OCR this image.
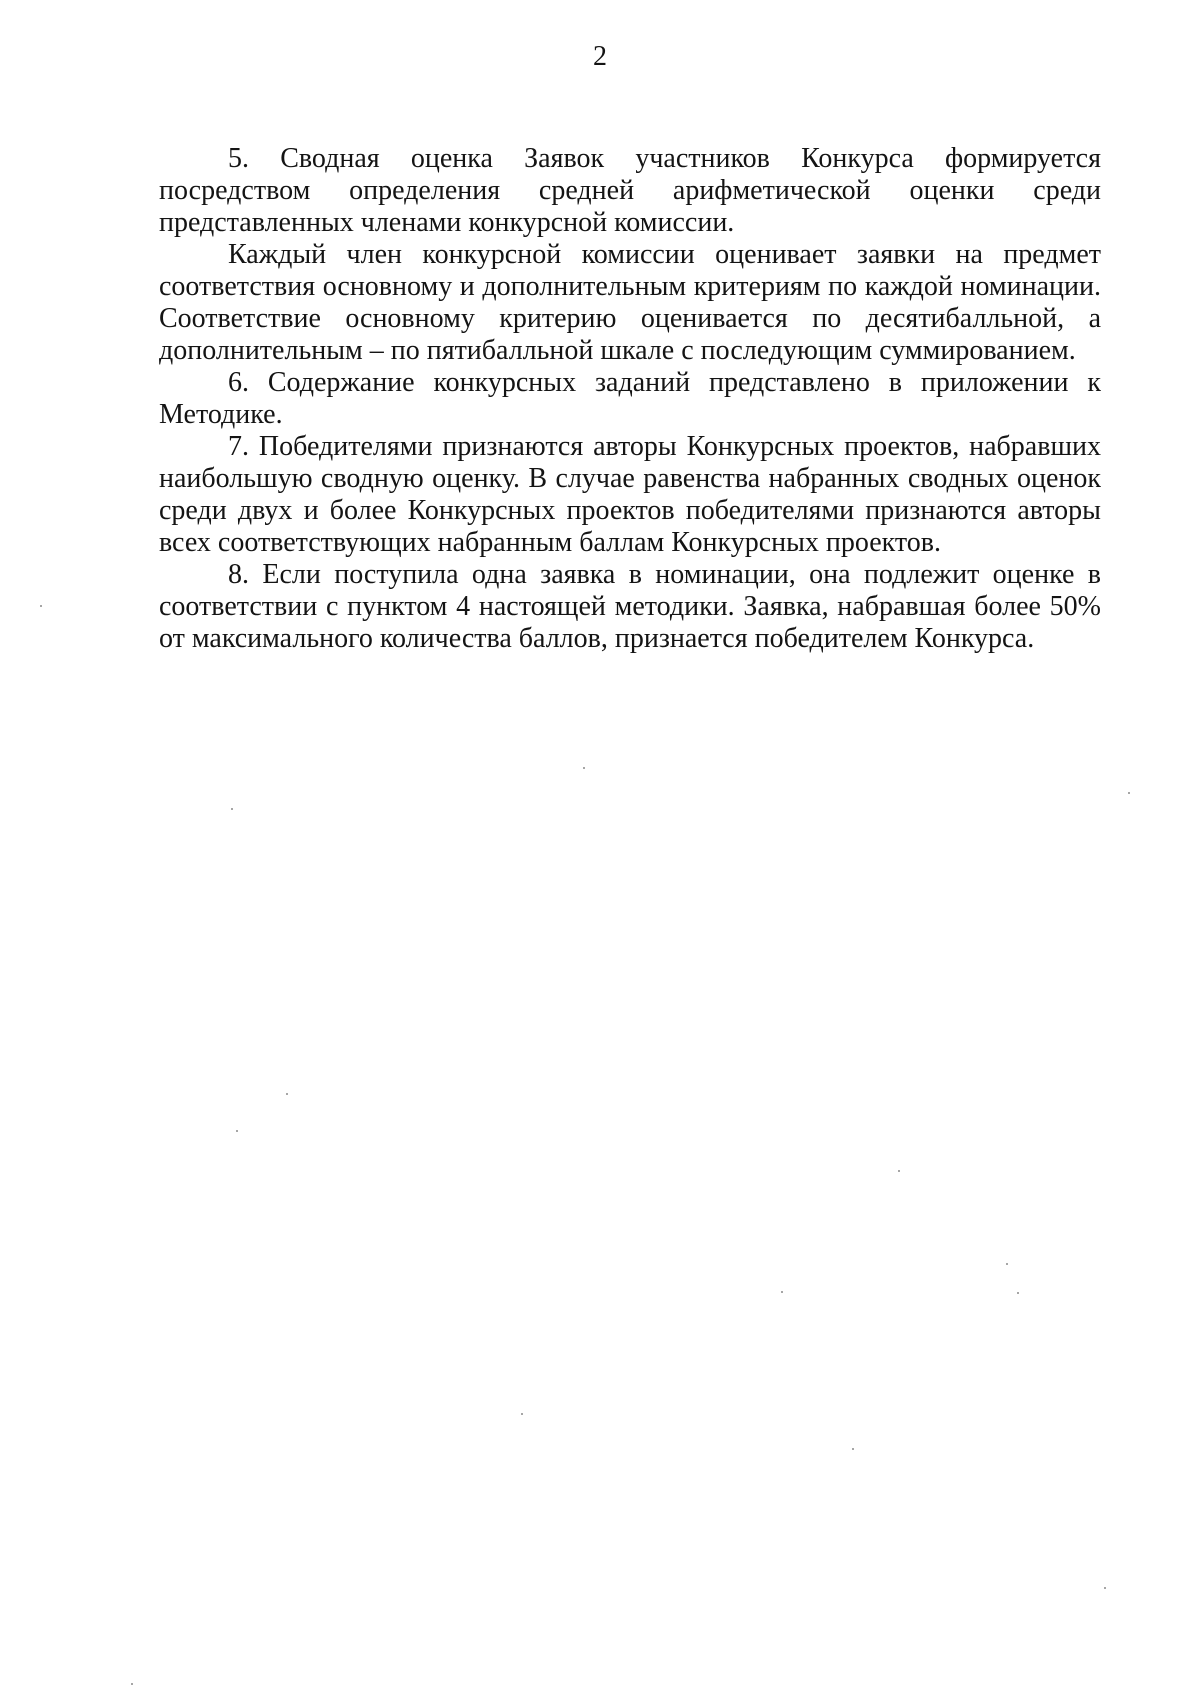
2

5. Сводная оценка Заявок участников Конкурса формируется посредством определения средней арифметической оценки среди представленных членами конкурсной комиссии.

Каждый член конкурсной комиссии оценивает заявки на предмет соответствия основному и дополнительным критериям по каждой номинации. Соответствие основному критерию оценивается по десятибалльной, а дополнительным – по пятибалльной шкале с последующим суммированием.

6. Содержание конкурсных заданий представлено в приложении к Методике.

7. Победителями признаются авторы Конкурсных проектов, набравших наибольшую сводную оценку. В случае равенства набранных сводных оценок среди двух и более Конкурсных проектов победителями признаются авторы всех соответствующих набранным баллам Конкурсных проектов.

8. Если поступила одна заявка в номинации, она подлежит оценке в соответствии с пунктом 4 настоящей методики. Заявка, набравшая более 50% от максимального количества баллов, признается победителем Конкурса.
